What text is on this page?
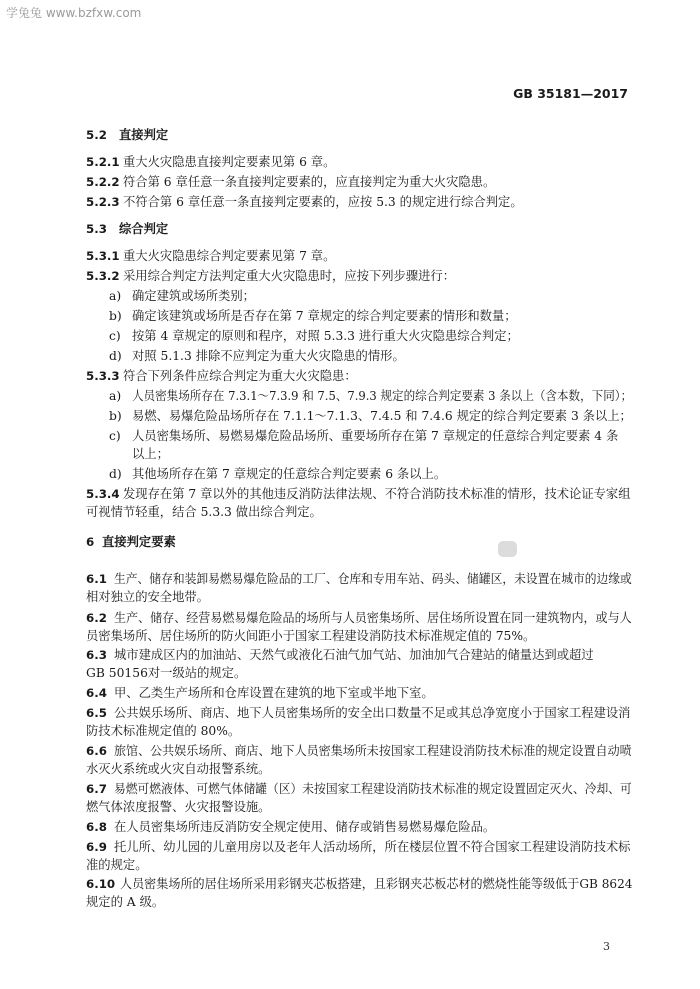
学兔兔 www.bzfxw.com
GB 35181—2017
5.2 直接判定
5.2.1 重大火灾隐患直接判定要素见第 6 章。
5.2.2 符合第 6 章任意一条直接判定要素的，应直接判定为重大火灾隐患。
5.2.3 不符合第 6 章任意一条直接判定要素的，应按 5.3 的规定进行综合判定。
5.3 综合判定
5.3.1 重大火灾隐患综合判定要素见第 7 章。
5.3.2 采用综合判定方法判定重大火灾隐患时，应按下列步骤进行：
a) 确定建筑或场所类别；
b) 确定该建筑或场所是否存在第 7 章规定的综合判定要素的情形和数量；
c) 按第 4 章规定的原则和程序，对照 5.3.3 进行重大火灾隐患综合判定；
d) 对照 5.1.3 排除不应判定为重大火灾隐患的情形。
5.3.3 符合下列条件应综合判定为重大火灾隐患：
a) 人员密集场所存在 7.3.1～7.3.9 和 7.5、7.9.3 规定的综合判定要素 3 条以上（含本数，下同）；
b) 易燃、易爆危险品场所存在 7.1.1～7.1.3、7.4.5 和 7.4.6 规定的综合判定要素 3 条以上；
c) 人员密集场所、易燃易爆危险品场所、重要场所存在第 7 章规定的任意综合判定要素 4 条
以上；
d) 其他场所存在第 7 章规定的任意综合判定要素 6 条以上。
5.3.4 发现存在第 7 章以外的其他违反消防法律法规、不符合消防技术标准的情形，技术论证专家组
可视情节轻重，结合 5.3.3 做出综合判定。
6 直接判定要素
6.1 生产、储存和装卸易燃易爆危险品的工厂、仓库和专用车站、码头、储罐区，未设置在城市的边缘或
相对独立的安全地带。
6.2 生产、储存、经营易燃易爆危险品的场所与人员密集场所、居住场所设置在同一建筑物内，或与人
员密集场所、居住场所的防火间距小于国家工程建设消防技术标准规定值的 75%。
6.3 城市建成区内的加油站、天然气或液化石油气加气站、加油加气合建站的储量达到或超过
GB 50156对一级站的规定。
6.4 甲、乙类生产场所和仓库设置在建筑的地下室或半地下室。
6.5 公共娱乐场所、商店、地下人员密集场所的安全出口数量不足或其总净宽度小于国家工程建设消
防技术标准规定值的 80%。
6.6 旅馆、公共娱乐场所、商店、地下人员密集场所未按国家工程建设消防技术标准的规定设置自动喷
水灭火系统或火灾自动报警系统。
6.7 易燃可燃液体、可燃气体储罐（区）未按国家工程建设消防技术标准的规定设置固定灭火、冷却、可
燃气体浓度报警、火灾报警设施。
6.8 在人员密集场所违反消防安全规定使用、储存或销售易燃易爆危险品。
6.9 托儿所、幼儿园的儿童用房以及老年人活动场所，所在楼层位置不符合国家工程建设消防技术标
准的规定。
6.10 人员密集场所的居住场所采用彩钢夹芯板搭建，且彩钢夹芯板芯材的燃烧性能等级低于GB 8624
规定的 A 级。
3
